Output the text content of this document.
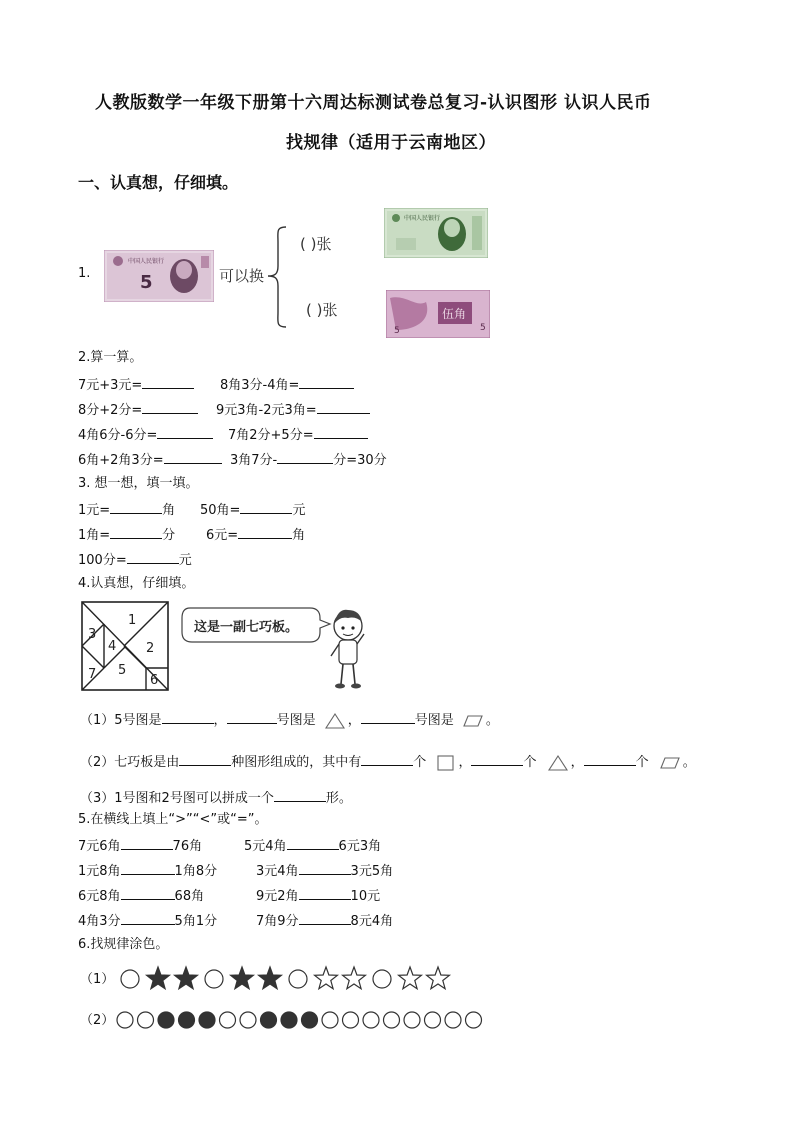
人教版数学一年级下册第十六周达标测试卷总复习-认识图形 认识人民币
找规律（适用于云南地区）
一、认真想，仔细填。
1.
中国人民银行
5	可以换
( )张
( )张
中国人民银行
伍角
5
5
2.算一算。
7元+3元=	8角3分-4角=
8分+2分=	9元3角-2元3角=
4角6分-6分=	7角2分+5分=
6角+2角3分=	3角7分-	分=30分
3. 想一想，填一填。
1元=	角 50角=	元
1角=	分 6元=	角
100分=	元
4.认真想，仔细填。
1
2
3
4
5
6
7
这是一副七巧板。
（1）5号图是	，	号图是 ，	号图是 。
（2）七巧板是由	种图形组成的，其中有	个 ，	个	，	个	。
（3）1号图和2号图可以拼成一个	形。
5.在横线上填上“>”“<”或“=”。
7元6角	76角	5元4角	6元3角
1元8角	1角8分	3元4角	3元5角
6元8角	68角	9元2角	10元
4角3分	5角1分	7角9分	8元4角
6.找规律涂色。
（1）
（2）
